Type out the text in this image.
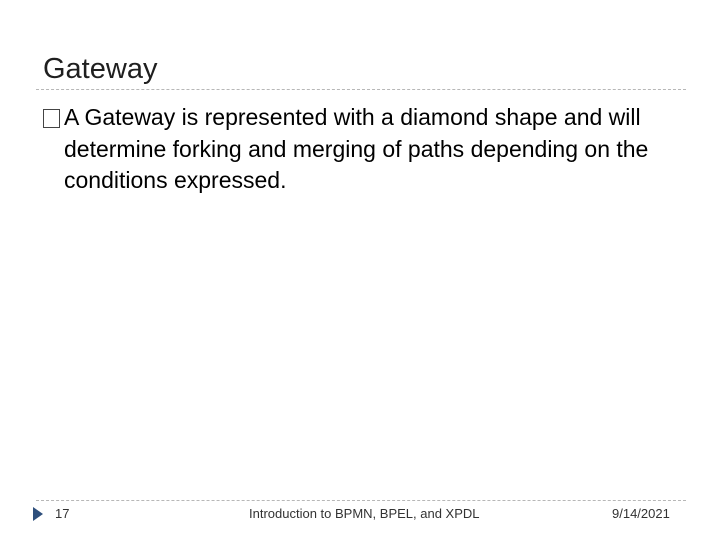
Gateway
A Gateway is represented with a diamond shape and will determine forking and merging of paths depending on the conditions expressed.
17	Introduction to BPMN, BPEL, and XPDL	9/14/2021
